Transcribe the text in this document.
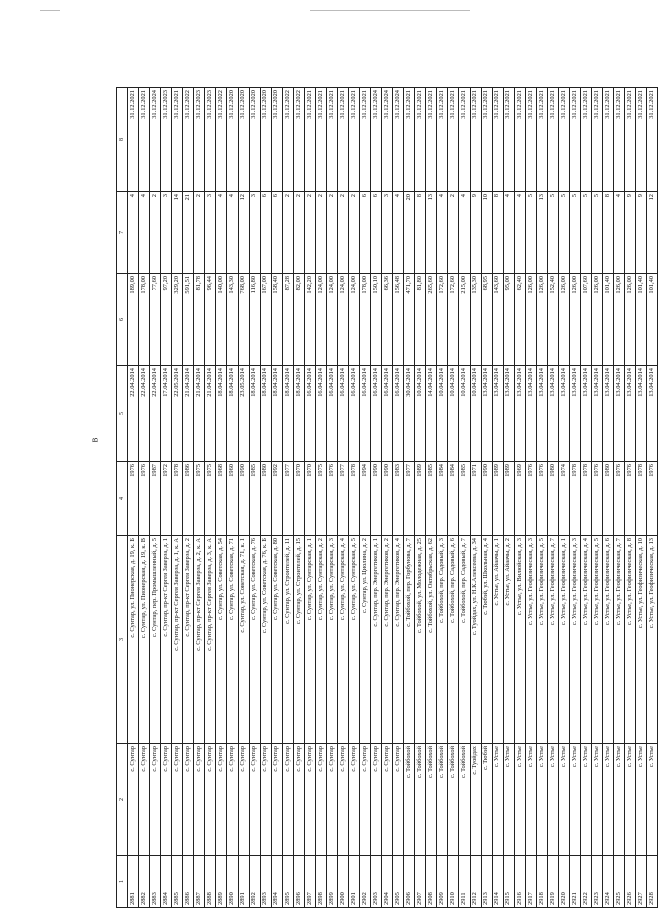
В
1	2	3	4	5	6	7	8
2881	с. Сунтар	с. Сунтар, ул. Пионерская, д. 19, к. Б	1976	22.04.2014	189,00	4	31.12.2021
2882	с. Сунтар	с. Сунтар, ул. Пионерская, д. 19, к. В	1976	22.04.2014	178,00	4	31.12.2021
2883	с. Сунтар	с. Сунтар, пер. Промышленный, д. 5	1987	22.04.2014	77,60	2	31.12.2024
2884	с. Сунтар	с. Сунтар, пр-кт Сергея Заверза, д. 1	1972	17.04.2014	97,20	3	31.12.2023
2885	с. Сунтар	с. Сунтар, пр-кт Сергея Заверза, д. 1, к. А	1978	22.05.2014	329,20	14	31.12.2021
2886	с. Сунтар	с. Сунтар, пр-кт Сергея Заверза, д. 2	1986	21.04.2014	591,51	21	31.12.2022
2887	с. Сунтар	с. Сунтар, пр-кт Сергея Заверза, д. 2, к. А	1975	21.04.2014	81,78	2	31.12.2023
2888	с. Сунтар	с. Сунтар, пр-кт Сергея Заверза, д. 3, к. А	1975	21.04.2014	96,44	3	31.12.2023
2889	с. Сунтар	с. Сунтар, ул. Советская, д. 54	1968	18.04.2014	140,00	4	31.12.2022
2890	с. Сунтар	с. Сунтар, ул. Советская, д. 71	1960	18.04.2014	143,30	4	31.12.2020
2891	с. Сунтар	с. Сунтар, ул. Советская, д. 71, к. 1	1990	23.05.2014	768,00	12	31.12.2020
2892	с. Сунтар	с. Сунтар, ул. Советская, д. 76	1985	18.04.2014	116,80	3	31.12.2020
2893	с. Сунтар	с. Сунтар, ул. Советская, д. 76, к. Б	1980	18.04.2014	167,00	6	31.12.2020
2894	с. Сунтар	с. Сунтар, ул. Советская, д. 80	1992	18.04.2014	158,40	6	31.12.2020
2895	с. Сунтар	с. Сунтар, ул. Строителей, д. 11	1977	18.04.2014	87,28	2	31.12.2022
2896	с. Сунтар	с. Сунтар, ул. Строителей, д. 15	1970	18.04.2014	82,00	2	31.12.2022
2897	с. Сунтар	с. Сунтар, ул. Сунтарская, д. 1	1970	16.04.2014	142,20	2	31.12.2021
2898	с. Сунтар	с. Сунтар, ул. Сунтарская, д. 2	1975	16.04.2014	124,00	2	31.12.2021
2899	с. Сунтар	с. Сунтар, ул. Сунтарская, д. 3	1976	16.04.2014	124,00	2	31.12.2021
2900	с. Сунтар	с. Сунтар, ул. Сунтарская, д. 4	1977	16.04.2014	124,00	2	31.12.2021
2901	с. Сунтар	с. Сунтар, ул. Сунтарская, д. 5	1978	16.04.2014	124,00	2	31.12.2021
2902	с. Сунтар	с. Сунтар, ул. Циолина, д. 2	1994	16.04.2014	178,00	6	31.12.2021
2903	с. Сунтар	с. Сунтар, пер. Энергетиков, д. 1	1990	16.04.2014	150,10	6	31.12.2024
2904	с. Сунтар	с. Сунтар, пер. Энергетиков, д. 2	1990	16.04.2014	66,36	3	31.12.2024
2905	с. Сунтар	с. Сунтар, пер. Энергетиков, д. 4	1983	16.04.2014	156,48	4	31.12.2024
2906	с. Тойбохой	с. Тойбохой, пер. Горбунова, д. 7	1977	30.04.2014	471,70	20	31.12.2021
2907	с. Тойбохой	с. Тойбохой, ул. Молодежная, д. 25	1989	10.04.2014	81,80	8	31.12.2021
2908	с. Тойбохой	с. Тойбохой, ул. Октябрьская, д. 62	1985	14.04.2014	265,60	13	31.12.2021
2909	с. Тойбохой	с. Тойбохой, пер. Садовый, д. 3	1984	10.04.2014	172,60	4	31.12.2021
2910	с. Тойбохой	с. Тойбохой, пер. Садовый, д. 6	1984	10.04.2014	172,60	2	31.12.2021
2911	с. Тойбохой	с. Тойбохой, пер. Садовый, д. 7	1985	10.04.2014	215,00	4	31.12.2021
2912	с. Туойдах	с. Туойдах, ул. Н.К.Алексеева, д. 34	1971	10.04.2014	135,30	9	31.12.2021
2913	с. Тюбэй	с. Тюбэй, ул. Школьная, д. 4	1990	13.04.2014	68,95	10	31.12.2021
2914	с. Устье	с. Устье, ул. Айаачы, д. 1	1989	13.04.2014	143,60	8	31.12.2021
2915	с. Устье	с. Устье, ул. Айаачы, д. 2	1989	13.04.2014	95,00	4	31.12.2021
2916	с. Устье	с. Устье, ул. Вилюйская, д. 3	1969	13.04.2014	62,40	4	31.12.2021
2917	с. Устье	с. Устье, ул. Геофизическая, д. 3	1976	13.04.2014	126,00	5	31.12.2021
2918	с. Устье	с. Устье, ул. Геофизическая, д. 5	1976	13.04.2014	126,00	13	31.12.2021
2919	с. Устье	с. Устье, ул. Геофизическая, д. 7	1980	13.04.2014	152,40	5	31.12.2021
2920	с. Устье	с. Устье, ул. Геофизическая, д. 1	1974	13.04.2014	126,00	5	31.12.2021
2921	с. Устье	с. Устье, ул. Геофизическая, д. 3	1978	13.04.2014	126,00	5	31.12.2021
2922	с. Устье	с. Устье, ул. Геофизическая, д. 4	1978	13.04.2014	107,60	5	31.12.2021
2923	с. Устье	с. Устье, ул. Геофизическая, д. 5	1976	13.04.2014	126,00	5	31.12.2021
2924	с. Устье	с. Устье, ул. Геофизическая, д. 6	1980	13.04.2014	101,40	8	31.12.2021
2925	с. Устье	с. Устье, ул. Геофизическая, д. 7	1976	13.04.2014	126,00	4	31.12.2021
2926	с. Устье	с. Устье, ул. Геофизическая, д. 8	1976	13.04.2014	126,00	9	31.12.2021
2927	с. Устье	с. Устье, ул. Геофизическая, д. 10	1978	13.04.2014	101,40	9	31.12.2021
2928	с. Устье	с. Устье, ул. Геофизическая, д. 13	1976	13.04.2014	101,40	12	31.12.2021
